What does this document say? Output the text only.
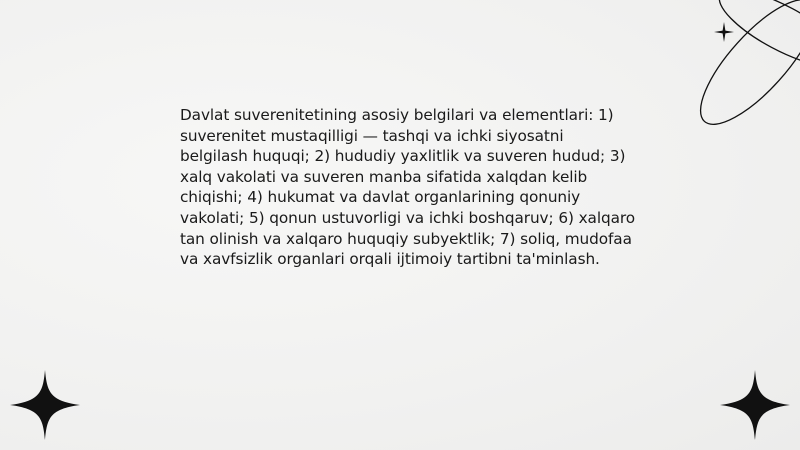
Davlat suverenitetining asosiy belgilari va elementlari: 1) suverenitet mustaqilligi — tashqi va ichki siyosatni belgilash huquqi; 2) hududiy yaxlitlik va suveren hudud; 3) xalq vakolati va suveren manba sifatida xalqdan kelib chiqishi; 4) hukumat va davlat organlarining qonuniy vakolati; 5) qonun ustuvorligi va ichki boshqaruv; 6) xalqaro tan olinish va xalqaro huquqiy subyektlik; 7) soliq, mudofaa va xavfsizlik organlari orqali ijtimoiy tartibni ta'minlash.
